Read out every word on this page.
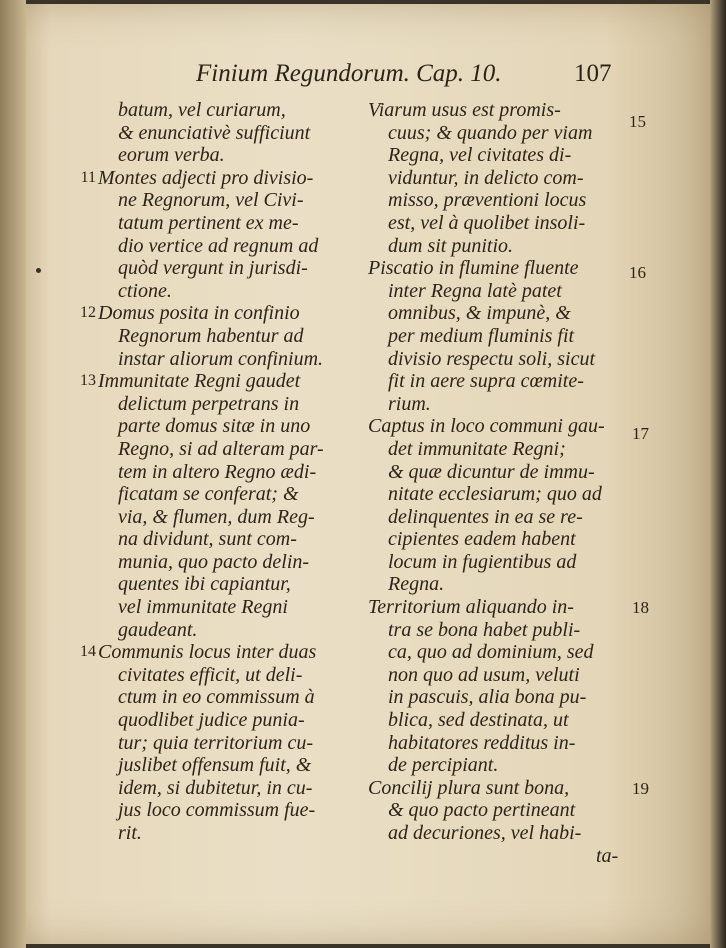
Finium Regundorum. Cap. 10.	107
batum, vel curiarum,
& enunciativè sufficiunt
eorum verba.
11 Montes adjecti pro divisio-
ne Regnorum, vel Civi-
tatum pertinent ex me-
dio vertice ad regnum ad
quòd vergunt in jurisdi-
ctione.
12 Domus posita in confinio
Regnorum habentur ad
instar aliorum confinium.
13 Immunitate Regni gaudet
delictum perpetrans in
parte domus sitæ in uno
Regno, si ad alteram par-
tem in altero Regno ædi-
ficatam se conferat; &
via, & flumen, dum Reg-
na dividunt, sunt com-
munia, quo pacto delin-
quentes ibi capiantur,
vel immunitate Regni
gaudeant.
14 Communis locus inter duas
civitates efficit, ut deli-
ctum in eo commissum à
quodlibet judice punia-
tur; quia territorium cu-
juslibet offensum fuit, &
idem, si dubitetur, in cu-
jus loco commissum fue-
rit.
Viarum usus est promis-
cuus; & quando per viam
Regna, vel civitates di-
viduntur, in delicto com-
misso, præventioni locus
est, vel à quolibet insoli-
dum sit punitio.
Piscatio in flumine fluente
inter Regna latè patet
omnibus, & impunè, &
per medium fluminis fit
divisio respectu soli, sicut
fit in aere supra cœmite-
rium.
Captus in loco communi gau-
det immunitate Regni;
& quæ dicuntur de immu-
nitate ecclesiarum; quo ad
delinquentes in ea se re-
cipientes eadem habent
locum in fugientibus ad
Regna.
Territorium aliquando in-
tra se bona habet publi-
ca, quo ad dominium, sed
non quo ad usum, veluti
in pascuis, alia bona pu-
blica, sed destinata, ut
habitatores redditus in-
de percipiant.
Concilij plura sunt bona,
& quo pacto pertineant
ad decuriones, vel habi-
ta-
15
16
17
18
19
